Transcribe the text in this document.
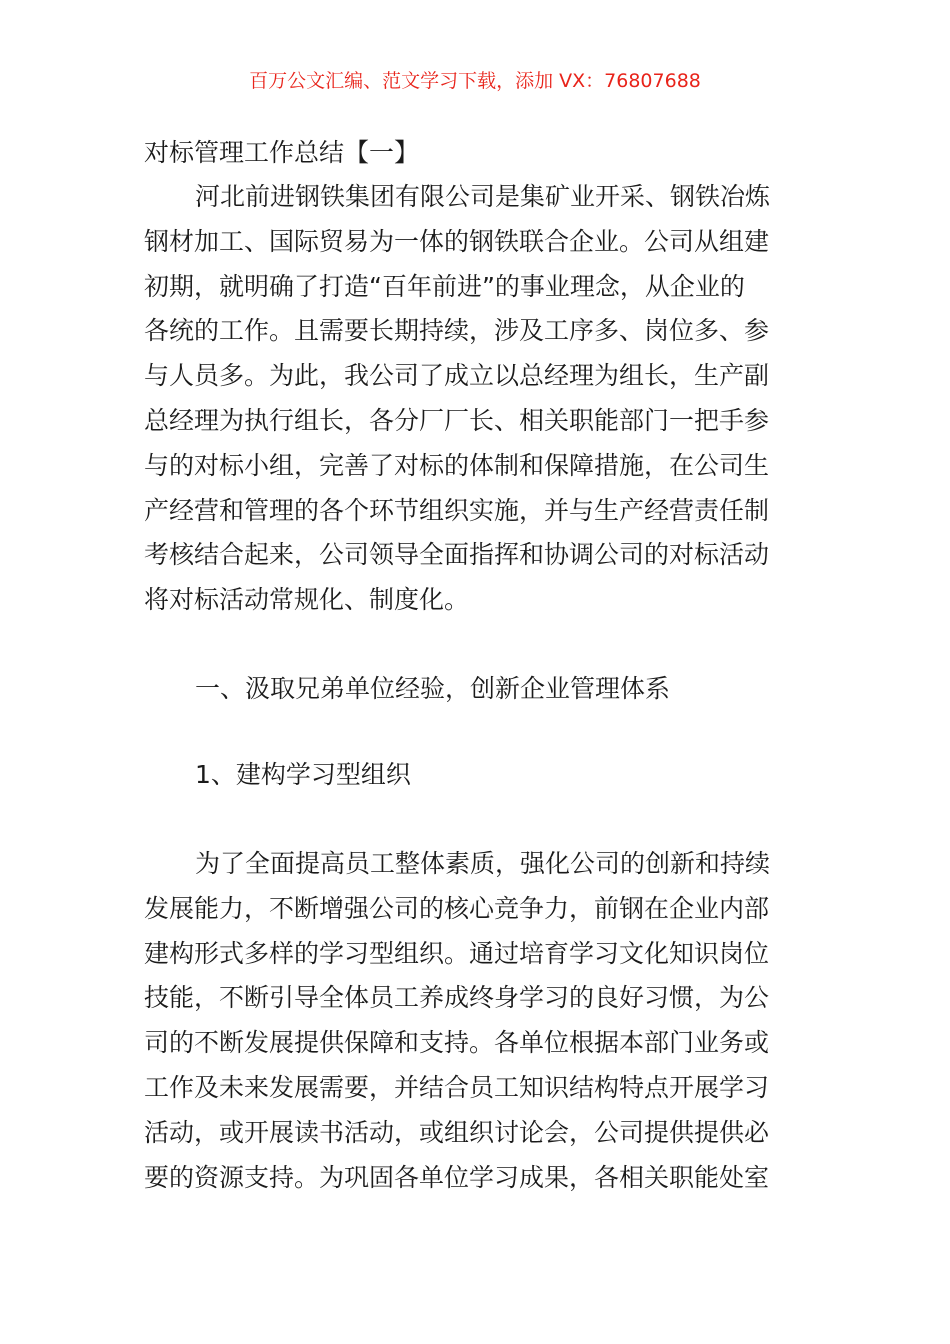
百万公文汇编、范文学习下载，添加 VX：76807688
对标管理工作总结【一】
河北前进钢铁集团有限公司是集矿业开采、钢铁冶炼
钢材加工、国际贸易为一体的钢铁联合企业。公司从组建
初期，就明确了打造“百年前进”的事业理念，从企业的
各统的工作。且需要长期持续，涉及工序多、岗位多、参
与人员多。为此，我公司了成立以总经理为组长，生产副
总经理为执行组长，各分厂厂长、相关职能部门一把手参
与的对标小组，完善了对标的体制和保障措施，在公司生
产经营和管理的各个环节组织实施，并与生产经营责任制
考核结合起来，公司领导全面指挥和协调公司的对标活动
将对标活动常规化、制度化。
一、汲取兄弟单位经验，创新企业管理体系
1、建构学习型组织
为了全面提高员工整体素质，强化公司的创新和持续
发展能力，不断增强公司的核心竞争力，前钢在企业内部
建构形式多样的学习型组织。通过培育学习文化知识岗位
技能，不断引导全体员工养成终身学习的良好习惯，为公
司的不断发展提供保障和支持。各单位根据本部门业务或
工作及未来发展需要，并结合员工知识结构特点开展学习
活动，或开展读书活动，或组织讨论会，公司提供提供必
要的资源支持。为巩固各单位学习成果，各相关职能处室
